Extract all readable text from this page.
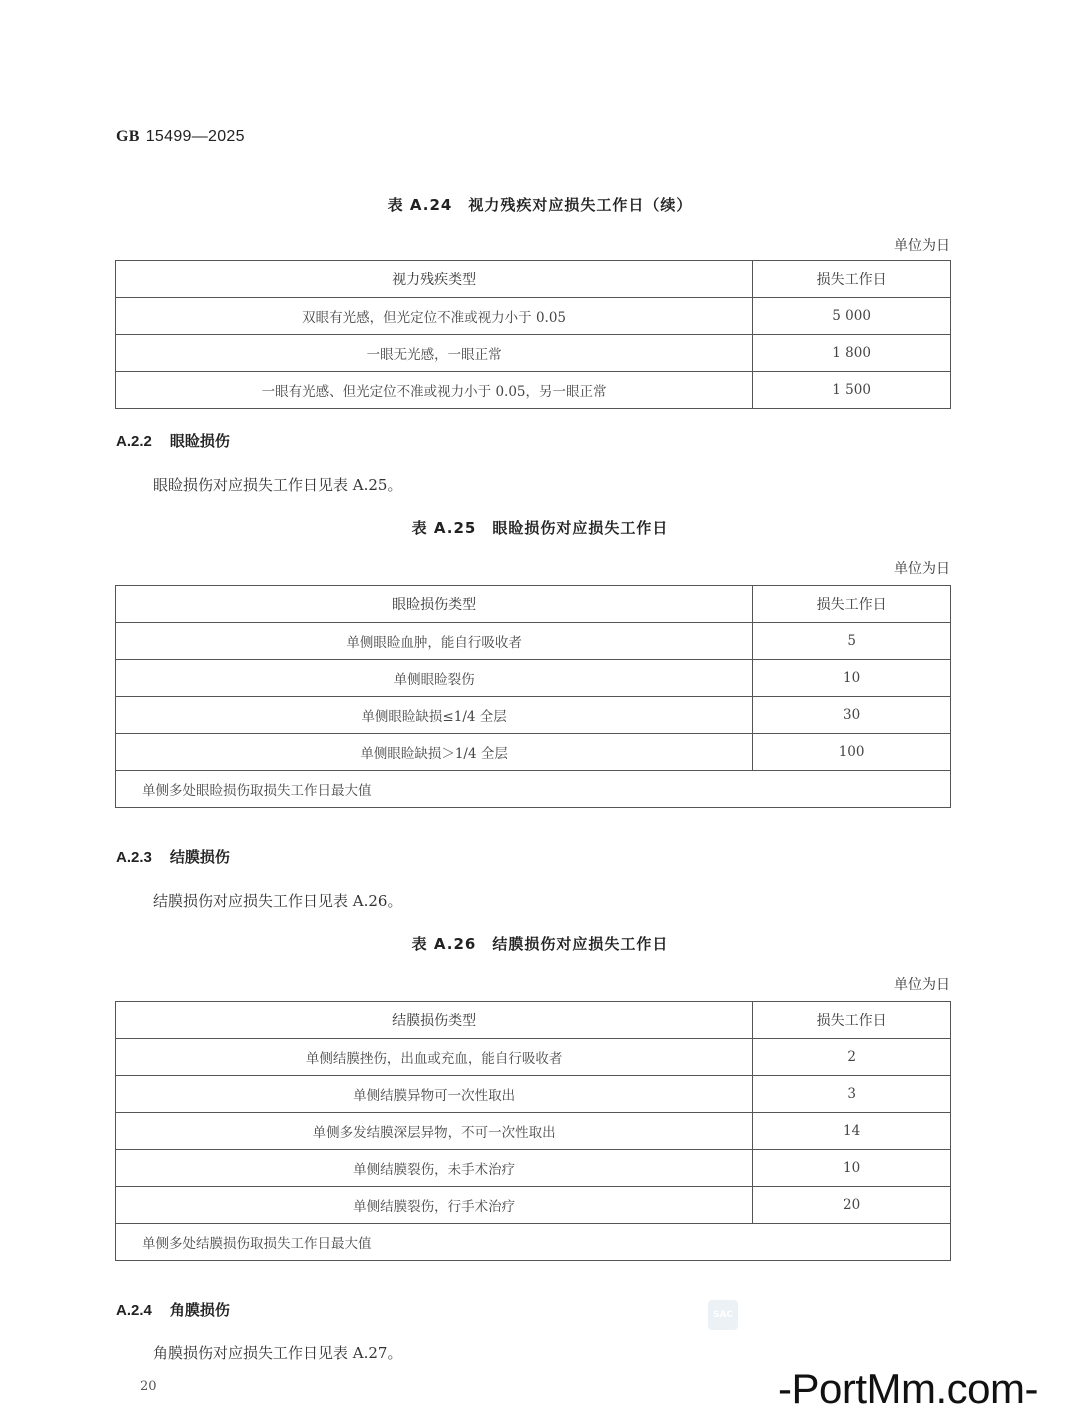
GB 15499—2025
表 A.24　视力残疾对应损失工作日（续）
单位为日
视力残疾类型	损失工作日
双眼有光感，但光定位不准或视力小于 0.05	5 000
一眼无光感，一眼正常	1 800
一眼有光感、但光定位不准或视力小于 0.05，另一眼正常	1 500
A.2.2 眼睑损伤
眼睑损伤对应损失工作日见表 A.25。
表 A.25　眼睑损伤对应损失工作日
单位为日
眼睑损伤类型	损失工作日
单侧眼睑血肿，能自行吸收者	5
单侧眼睑裂伤	10
单侧眼睑缺损≤1/4 全层	30
单侧眼睑缺损＞1/4 全层	100
单侧多处眼睑损伤取损失工作日最大值	
A.2.3 结膜损伤
结膜损伤对应损失工作日见表 A.26。
表 A.26　结膜损伤对应损失工作日
单位为日
结膜损伤类型	损失工作日
单侧结膜挫伤，出血或充血，能自行吸收者	2
单侧结膜异物可一次性取出	3
单侧多发结膜深层异物，不可一次性取出	14
单侧结膜裂伤，未手术治疗	10
单侧结膜裂伤，行手术治疗	20
单侧多处结膜损伤取损失工作日最大值	
A.2.4 角膜损伤
角膜损伤对应损失工作日见表 A.27。
SAC
-PortMm.com-
20
